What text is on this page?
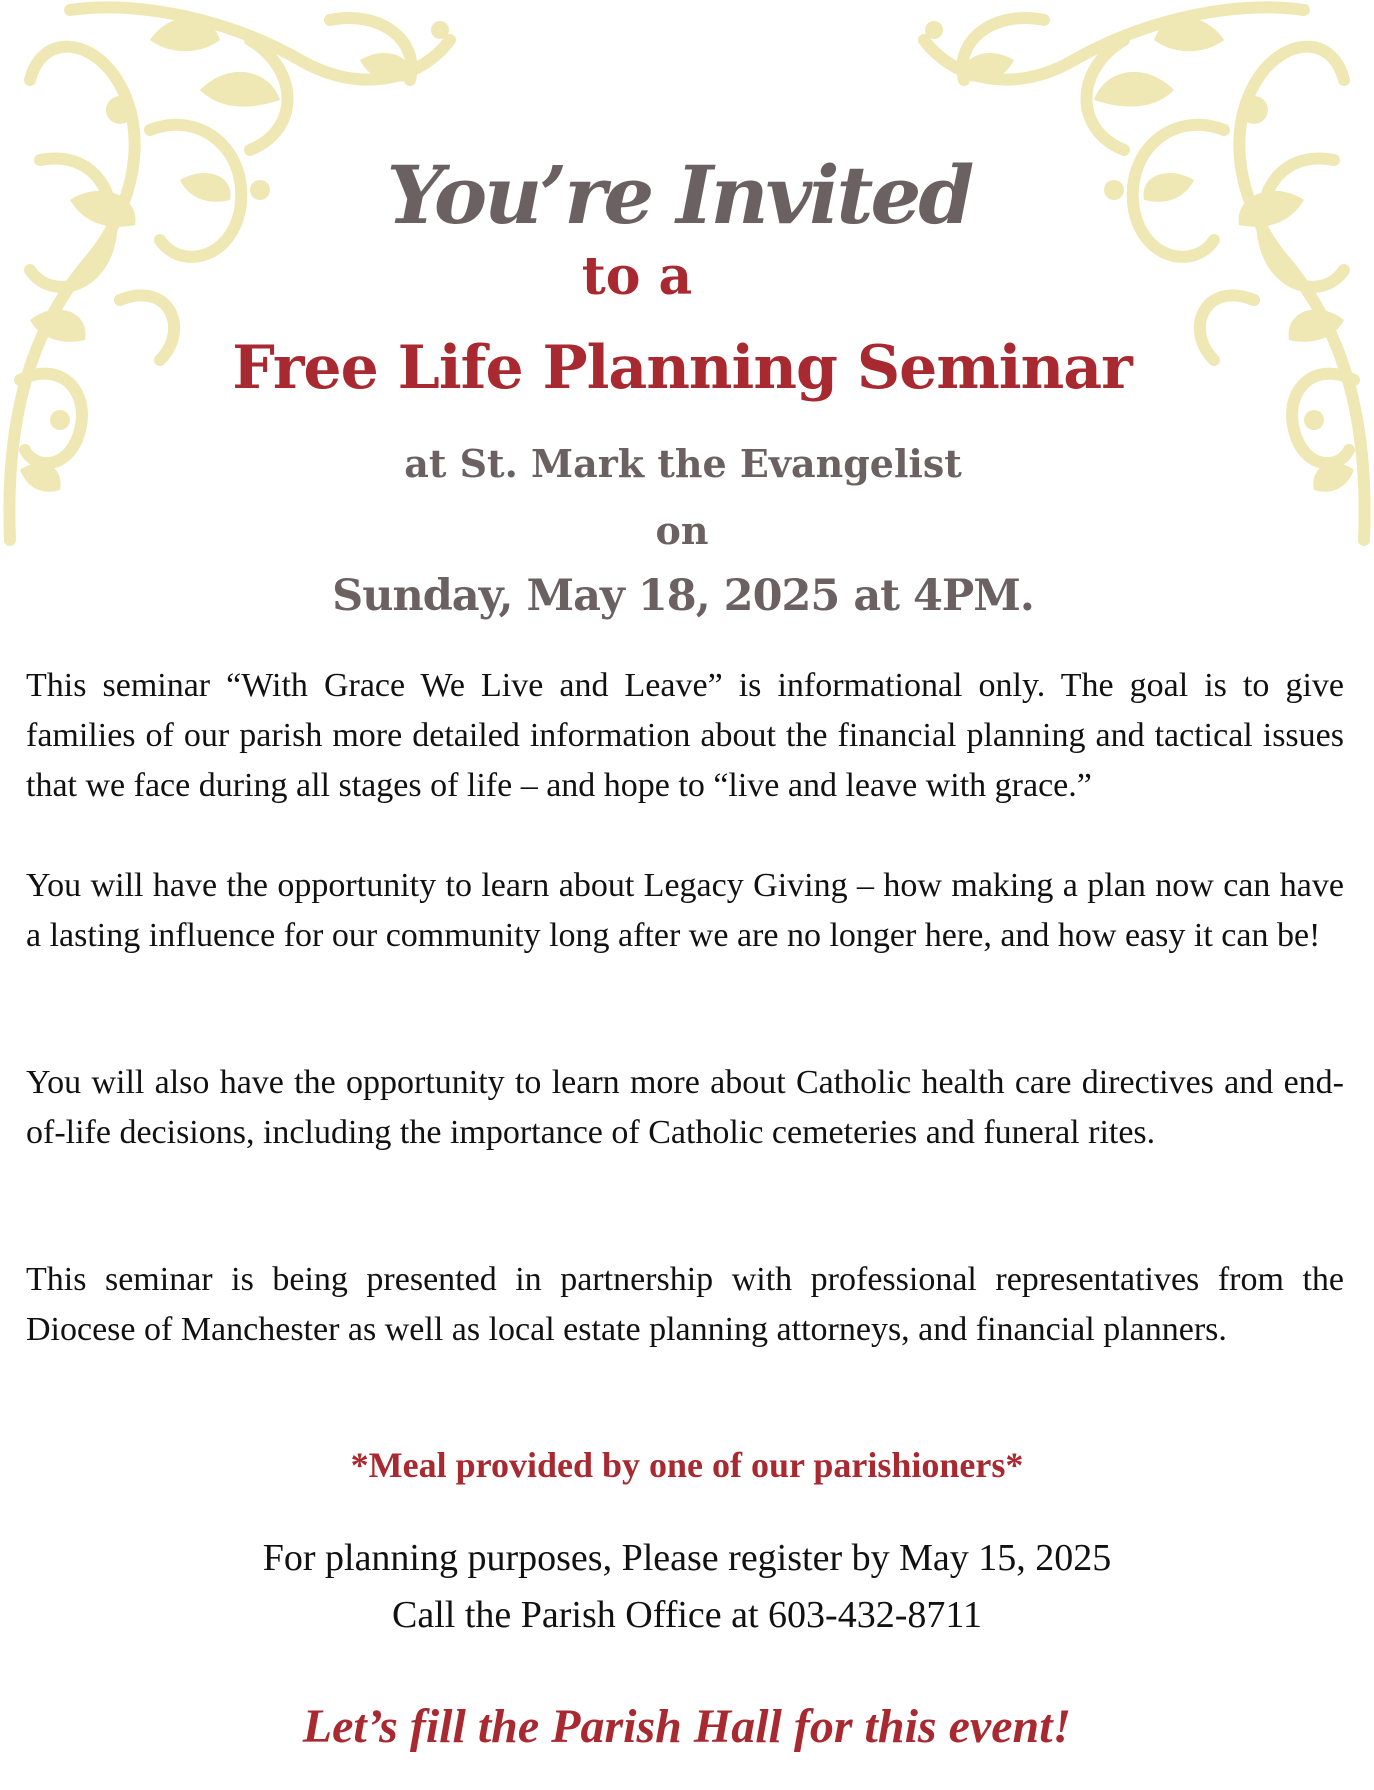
You’re Invited
to a
Free Life Planning Seminar
at St. Mark the Evangelist
on
Sunday, May 18, 2025 at 4PM.
This seminar “With Grace We Live and Leave” is informational only. The goal is to give families of our parish more detailed information about the financial planning and tactical issues that we face during all stages of life – and hope to “live and leave with grace.”
You will have the opportunity to learn about Legacy Giving – how making a plan now can have a lasting influence for our community long after we are no longer here, and how easy it can be!
You will also have the opportunity to learn more about Catholic health care directives and end-of-life decisions, including the importance of Catholic cemeteries and funeral rites.
This seminar is being presented in partnership with professional representatives from the Diocese of Manchester as well as local estate planning attorneys, and financial planners.
*Meal provided by one of our parishioners*
For planning purposes, Please register by May 15, 2025
Call the Parish Office at 603-432-8711
Let’s fill the Parish Hall for this event!
